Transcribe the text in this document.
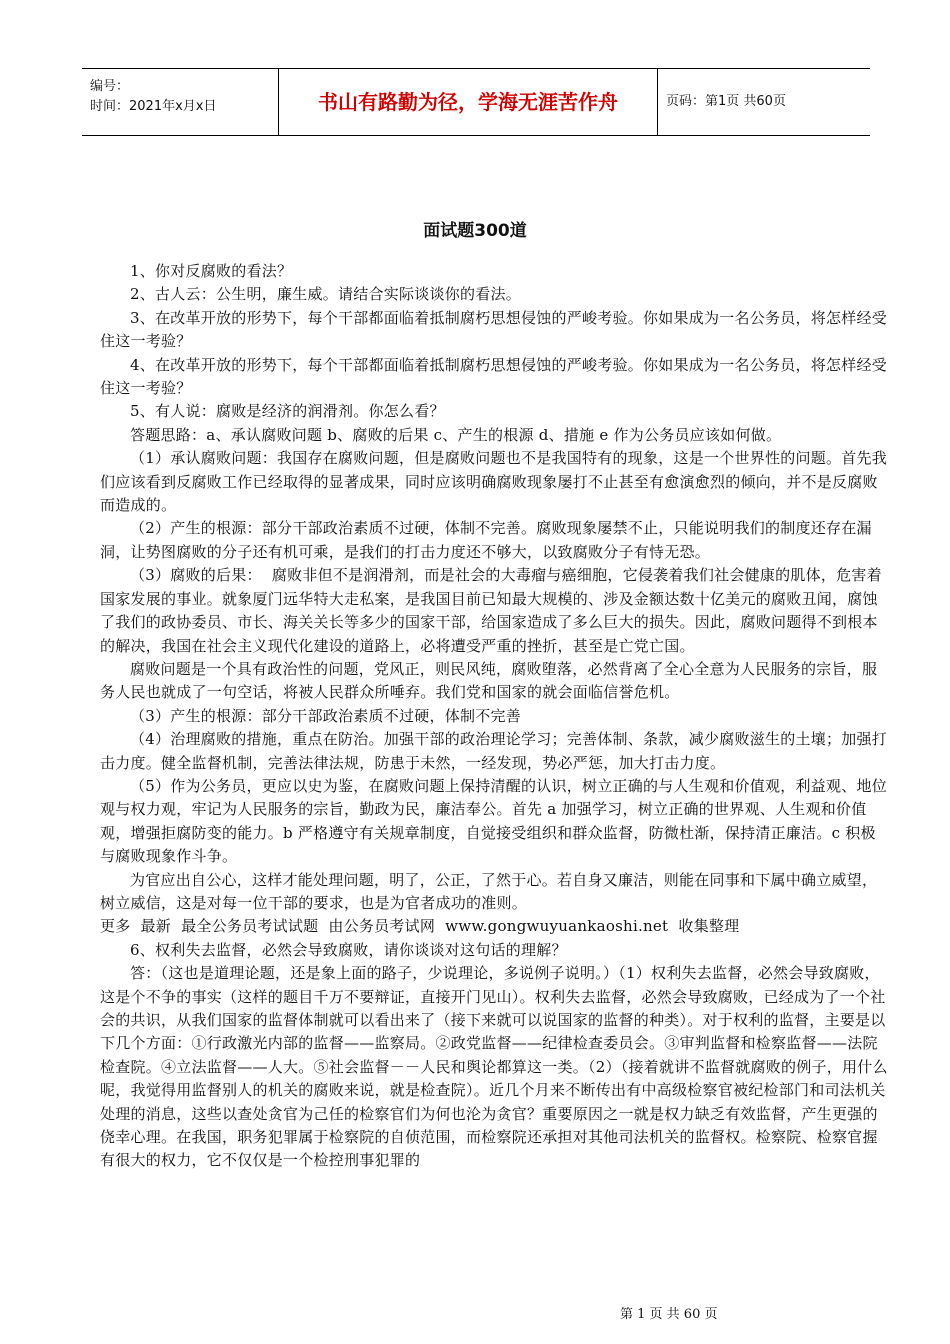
编号：
时间：2021年x月x日	书山有路勤为径，学海无涯苦作舟	页码：第1页 共60页
面试题300道

1、你对反腐败的看法？

2、古人云：公生明，廉生威。请结合实际谈谈你的看法。

3、在改革开放的形势下，每个干部都面临着抵制腐朽思想侵蚀的严峻考验。你如果成为一名公务员，将怎样经受住这一考验？

4、在改革开放的形势下，每个干部都面临着抵制腐朽思想侵蚀的严峻考验。你如果成为一名公务员，将怎样经受住这一考验？

5、有人说：腐败是经济的润滑剂。你怎么看？

答题思路：a、承认腐败问题 b、腐败的后果 c、产生的根源 d、措施 e 作为公务员应该如何做。

（1）承认腐败问题：我国存在腐败问题，但是腐败问题也不是我国特有的现象，这是一个世界性的问题。首先我们应该看到反腐败工作已经取得的显著成果，同时应该明确腐败现象屡打不止甚至有愈演愈烈的倾向，并不是反腐败而造成的。

（2）产生的根源：部分干部政治素质不过硬，体制不完善。腐败现象屡禁不止，只能说明我们的制度还存在漏洞，让势图腐败的分子还有机可乘，是我们的打击力度还不够大，以致腐败分子有恃无恐。

（3）腐败的后果：  腐败非但不是润滑剂，而是社会的大毒瘤与癌细胞，它侵袭着我们社会健康的肌体，危害着国家发展的事业。就象厦门远华特大走私案，是我国目前已知最大规模的、涉及金额达数十亿美元的腐败丑闻，腐蚀了我们的政协委员、市长、海关关长等多少的国家干部，给国家造成了多么巨大的损失。因此，腐败问题得不到根本的解决，我国在社会主义现代化建设的道路上，必将遭受严重的挫折，甚至是亡党亡国。

腐败问题是一个具有政治性的问题，党风正，则民风纯，腐败堕落，必然背离了全心全意为人民服务的宗旨，服务人民也就成了一句空话，将被人民群众所唾弃。我们党和国家的就会面临信誉危机。

（3）产生的根源：部分干部政治素质不过硬，体制不完善

（4）治理腐败的措施，重点在防治。加强干部的政治理论学习；完善体制、条款，减少腐败滋生的土壤；加强打击力度。健全监督机制，完善法律法规，防患于未然，一经发现，势必严惩，加大打击力度。

（5）作为公务员，更应以史为鉴，在腐败问题上保持清醒的认识，树立正确的与人生观和价值观，利益观、地位观与权力观，牢记为人民服务的宗旨，勤政为民，廉洁奉公。首先 a 加强学习，树立正确的世界观、人生观和价值观，增强拒腐防变的能力。b 严格遵守有关规章制度，自觉接受组织和群众监督，防微杜渐，保持清正廉洁。c 积极与腐败现象作斗争。

为官应出自公心，这样才能处理问题，明了，公正，了然于心。若自身又廉洁，则能在同事和下属中确立威望，树立威信，这是对每一位干部的要求，也是为官者成功的准则。

更多  最新  最全公务员考试试题  由公务员考试网  www.gongwuyuankaoshi.net  收集整理

6、权利失去监督，必然会导致腐败，请你谈谈对这句话的理解？

答：（这也是道理论题，还是象上面的路子，少说理论，多说例子说明。）（1）权利失去监督，必然会导致腐败，这是个不争的事实（这样的题目千万不要辩证，直接开门见山）。权利失去监督，必然会导致腐败，已经成为了一个社会的共识，从我们国家的监督体制就可以看出来了（接下来就可以说国家的监督的种类）。对于权利的监督，主要是以下几个方面：①行政激光内部的监督——监察局。②政党监督——纪律检查委员会。③审判监督和检察监督——法院检查院。④立法监督——人大。⑤社会监督－－人民和舆论都算这一类。（2）（接着就讲不监督就腐败的例子，用什么呢，我觉得用监督别人的机关的腐败来说，就是检查院）。近几个月来不断传出有中高级检察官被纪检部门和司法机关处理的消息，这些以查处贪官为己任的检察官们为何也沦为贪官？重要原因之一就是权力缺乏有效监督，产生更强的侥幸心理。在我国，职务犯罪属于检察院的自侦范围，而检察院还承担对其他司法机关的监督权。检察院、检察官握有很大的权力，它不仅仅是一个检控刑事犯罪的

第 1 页 共 60 页
